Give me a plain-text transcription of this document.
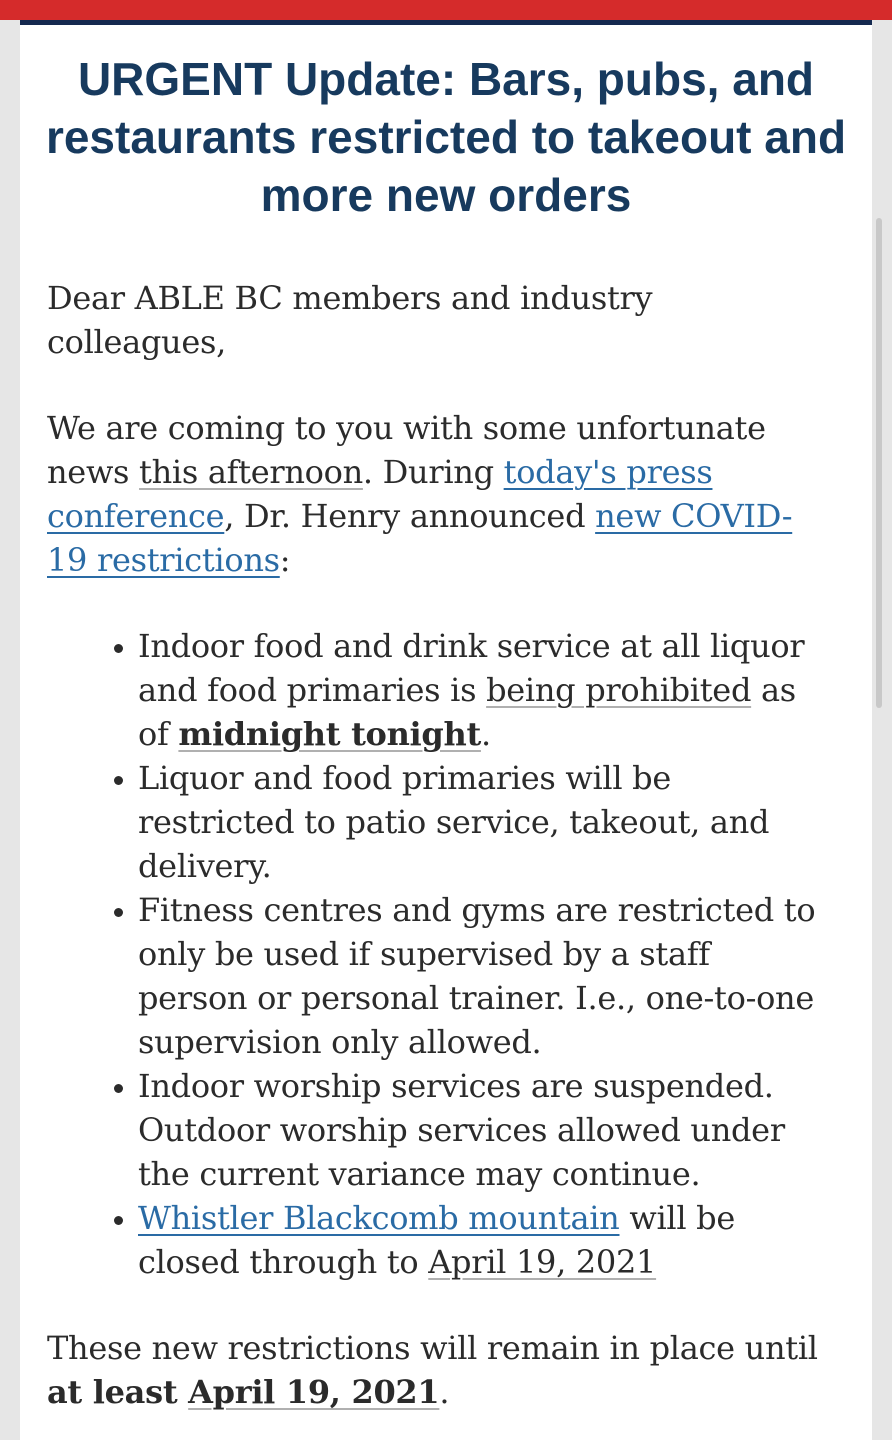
URGENT Update: Bars, pubs, and restaurants restricted to takeout and more new orders

Dear ABLE BC members and industry colleagues,

We are coming to you with some unfortunate news this afternoon. During today's press conference, Dr. Henry announced new COVID-19 restrictions:

• Indoor food and drink service at all liquor and food primaries is being prohibited as of midnight tonight.
• Liquor and food primaries will be restricted to patio service, takeout, and delivery.
• Fitness centres and gyms are restricted to only be used if supervised by a staff person or personal trainer. I.e., one-to-one supervision only allowed.
• Indoor worship services are suspended. Outdoor worship services allowed under the current variance may continue.
• Whistler Blackcomb mountain will be closed through to April 19, 2021

These new restrictions will remain in place until at least April 19, 2021.
